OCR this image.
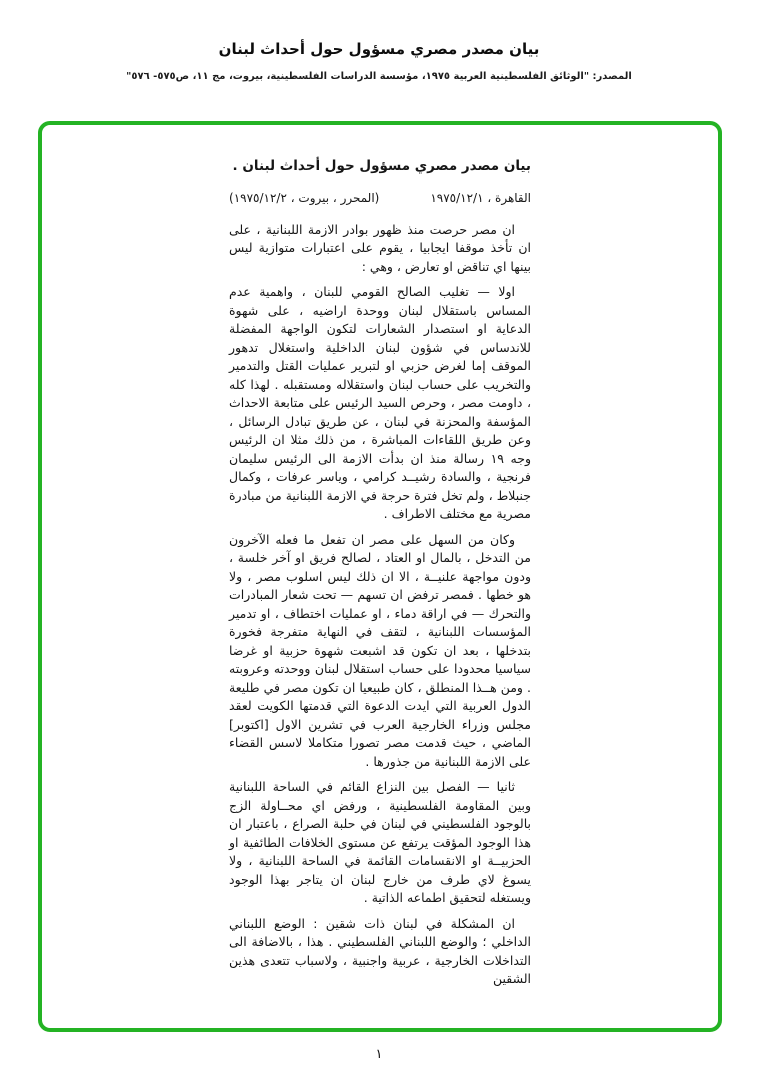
بيان مصدر مصري مسؤول حول أحداث لبنان
المصدر: "الوثائق الفلسطينية العربية ١٩٧٥، مؤسسة الدراسات الفلسطينية، بيروت، مج ١١، ص٥٧٥- ٥٧٦"
بيان مصدر مصري مسؤول حول أحداث لبنان .
القاهرة ، ١٩٧٥/١٢/١
(المحرر ، بيروت ، ١٩٧٥/١٢/٢)

ان مصر حرصت منذ ظهور بوادر الازمة اللبنانية ، على ان تأخذ موقفا ايجابيا ، يقوم على اعتبارات متوازية ليس بينها اي تناقض او تعارض ، وهي :

اولا — تغليب الصالح القومي للبنان ، واهمية عدم المساس باستقلال لبنان ووحدة اراضيه ، على شهوة الدعاية او استصدار الشعارات لتكون الواجهة المفضلة للاندساس في شؤون لبنان الداخلية واستغلال تدهور الموقف إما لغرض حزبي او لتبرير عمليات القتل والتدمير والتخريب على حساب لبنان واستقلاله ومستقبله . لهذا كله ، داومت مصر ، وحرص السيد الرئيس على متابعة الاحداث المؤسفة والمحزنة في لبنان ، عن طريق تبادل الرسائل ، وعن طريق اللقاءات المباشرة ، من ذلك مثلا ان الرئيس وجه ١٩ رسالة منذ ان بدأت الازمة الى الرئيس سليمان فرنجية ، والسادة رشيــد كرامي ، وياسر عرفات ، وكمال جنبلاط ، ولم تخل فترة حرجة في الازمة اللبنانية من مبادرة مصرية مع مختلف الاطراف .

وكان من السهل على مصر ان تفعل ما فعله الآخرون من التدخل ، بالمال او العتاد ، لصالح فريق او آخر خلسة ، ودون مواجهة علنيــة ، الا ان ذلك ليس اسلوب مصر ، ولا هو خطها . فمصر ترفض ان تسهم — تحت شعار المبادرات والتحرك — في اراقة دماء ، او عمليات اختطاف ، او تدمير المؤسسات اللبنانية ، لتقف في النهاية متفرجة فخورة بتدخلها ، بعد ان تكون قد اشبعت شهوة حزبية او غرضا سياسيا محدودا على حساب استقلال لبنان ووحدته وعروبته . ومن هــذا المنطلق ، كان طبيعيا ان تكون مصر في طليعة الدول العربية التي ايدت الدعوة التي قدمتها الكويت لعقد مجلس وزراء الخارجية العرب في تشرين الاول [اكتوبر] الماضي ، حيث قدمت مصر تصورا متكاملا لاسس القضاء على الازمة اللبنانية من جذورها .

ثانيا — الفصل بين النزاع القائم في الساحة اللبنانية وبين المقاومة الفلسطينية ، ورفض اي محــاولة الزج بالوجود الفلسطيني في لبنان في حلبة الصراع ، باعتبار ان هذا الوجود المؤقت يرتفع عن مستوى الخلافات الطائفية او الحزبيــة او الانقسامات القائمة في الساحة اللبنانية ، ولا يسوغ لاي طرف من خارج لبنان ان يتاجر بهذا الوجود ويستغله لتحقيق اطماعه الذاتية .

ان المشكلة في لبنان ذات شقين : الوضع اللبناني الداخلي ؛ والوضع اللبناني الفلسطيني . هذا ، بالاضافة الى التداخلات الخارجية ، عربية واجنبية ، ولاسباب تتعدى هذين الشقين

١
